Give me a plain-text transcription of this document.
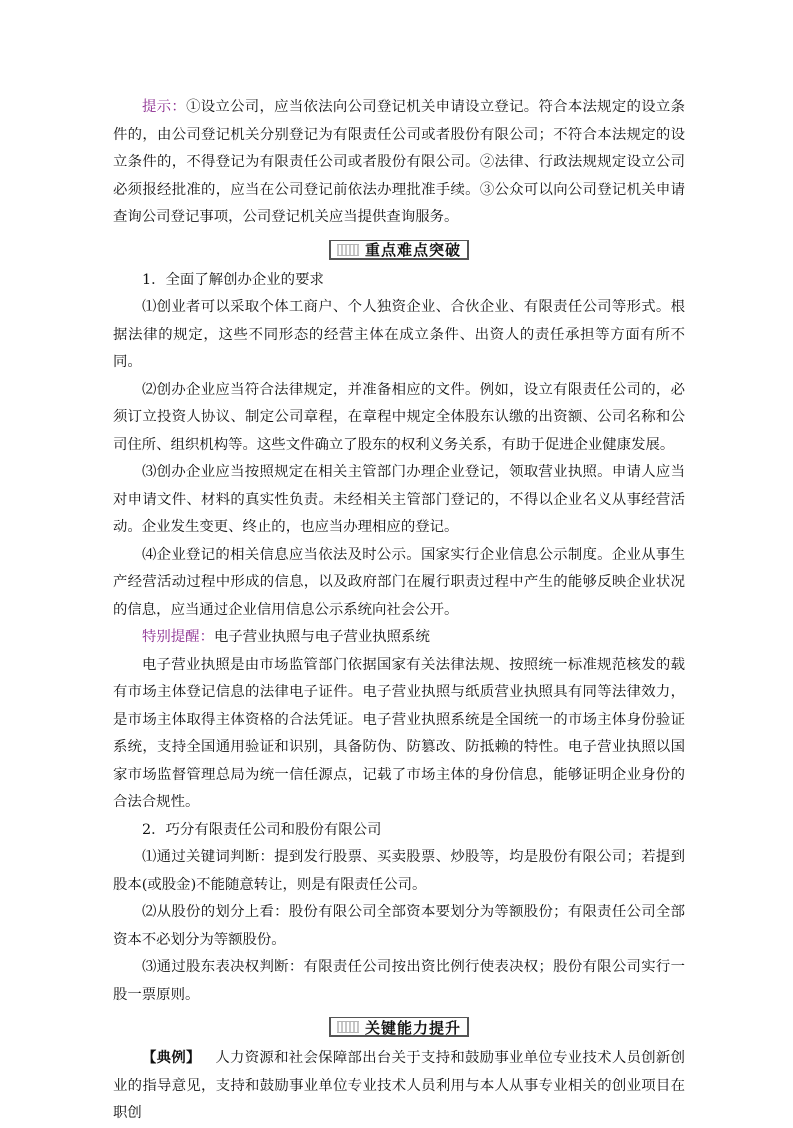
提示：①设立公司，应当依法向公司登记机关申请设立登记。符合本法规定的设立条件的，由公司登记机关分别登记为有限责任公司或者股份有限公司；不符合本法规定的设立条件的，不得登记为有限责任公司或者股份有限公司。②法律、行政法规规定设立公司必须报经批准的，应当在公司登记前依法办理批准手续。③公众可以向公司登记机关申请查询公司登记事项，公司登记机关应当提供查询服务。

重点难点突破

1．全面了解创办企业的要求

⑴创业者可以采取个体工商户、个人独资企业、合伙企业、有限责任公司等形式。根据法律的规定，这些不同形态的经营主体在成立条件、出资人的责任承担等方面有所不同。

⑵创办企业应当符合法律规定，并准备相应的文件。例如，设立有限责任公司的，必须订立投资人协议、制定公司章程，在章程中规定全体股东认缴的出资额、公司名称和公司住所、组织机构等。这些文件确立了股东的权利义务关系，有助于促进企业健康发展。

⑶创办企业应当按照规定在相关主管部门办理企业登记，领取营业执照。申请人应当对申请文件、材料的真实性负责。未经相关主管部门登记的，不得以企业名义从事经营活动。企业发生变更、终止的，也应当办理相应的登记。

⑷企业登记的相关信息应当依法及时公示。国家实行企业信息公示制度。企业从事生产经营活动过程中形成的信息，以及政府部门在履行职责过程中产生的能够反映企业状况的信息，应当通过企业信用信息公示系统向社会公开。

特别提醒：电子营业执照与电子营业执照系统

电子营业执照是由市场监管部门依据国家有关法律法规、按照统一标准规范核发的载有市场主体登记信息的法律电子证件。电子营业执照与纸质营业执照具有同等法律效力，是市场主体取得主体资格的合法凭证。电子营业执照系统是全国统一的市场主体身份验证系统，支持全国通用验证和识别，具备防伪、防篡改、防抵赖的特性。电子营业执照以国家市场监督管理总局为统一信任源点，记载了市场主体的身份信息，能够证明企业身份的合法合规性。

2．巧分有限责任公司和股份有限公司

⑴通过关键词判断：提到发行股票、买卖股票、炒股等，均是股份有限公司；若提到股本(或股金)不能随意转让，则是有限责任公司。

⑵从股份的划分上看：股份有限公司全部资本要划分为等额股份；有限责任公司全部资本不必划分为等额股份。

⑶通过股东表决权判断：有限责任公司按出资比例行使表决权；股份有限公司实行一股一票原则。

关键能力提升

【典例】 人力资源和社会保障部出台关于支持和鼓励事业单位专业技术人员创新创业的指导意见，支持和鼓励事业单位专业技术人员利用与本人从事专业相关的创业项目在职创
